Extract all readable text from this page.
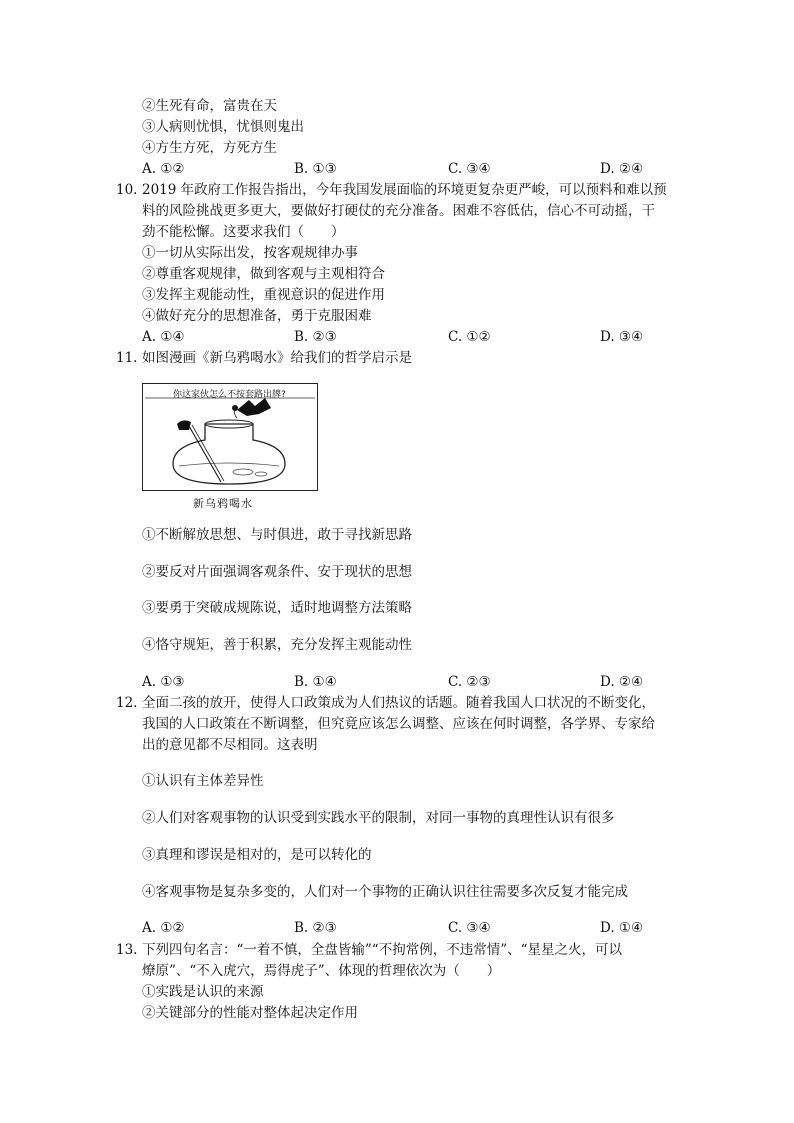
②生死有命，富贵在天
③人病则忧惧，忧惧则鬼出
④方生方死，方死方生
A. ①②	B. ①③	C. ③④	D. ②④
10. 2019 年政府工作报告指出，今年我国发展面临的环境更复杂更严峻，可以预料和难以预
料的风险挑战更多更大，要做好打硬仗的充分准备。困难不容低估，信心不可动摇，干
劲不能松懈。这要求我们（　　）
①一切从实际出发，按客观规律办事
②尊重客观规律，做到客观与主观相符合
③发挥主观能动性，重视意识的促进作用
④做好充分的思想准备，勇于克服困难
A. ①④	B. ②③	C. ①②	D. ③④
11. 如图漫画《新乌鸦喝水》给我们的哲学启示是
你这家伙怎么不按套路出牌?
新乌鸦喝水
①不断解放思想、与时俱进，敢于寻找新思路
②要反对片面强调客观条件、安于现状的思想
③要勇于突破成规陈说，适时地调整方法策略
④恪守规矩，善于积累，充分发挥主观能动性
A. ①③	B. ①④	C. ②③	D. ②④
12. 全面二孩的放开，使得人口政策成为人们热议的话题。随着我国人口状况的不断变化，
我国的人口政策在不断调整，但究竟应该怎么调整、应该在何时调整，各学界、专家给
出的意见都不尽相同。这表明
①认识有主体差异性
②人们对客观事物的认识受到实践水平的限制，对同一事物的真理性认识有很多
③真理和谬误是相对的，是可以转化的
④客观事物是复杂多变的，人们对一个事物的正确认识往往需要多次反复才能完成
A. ①②	B. ②③	C. ③④	D. ①④
13. 下列四句名言：“一着不慎，全盘皆输”“不拘常例，不违常情”、“星星之火，可以
燎原”、“不入虎穴，焉得虎子”、体现的哲理依次为（　　）
①实践是认识的来源
②关键部分的性能对整体起决定作用
